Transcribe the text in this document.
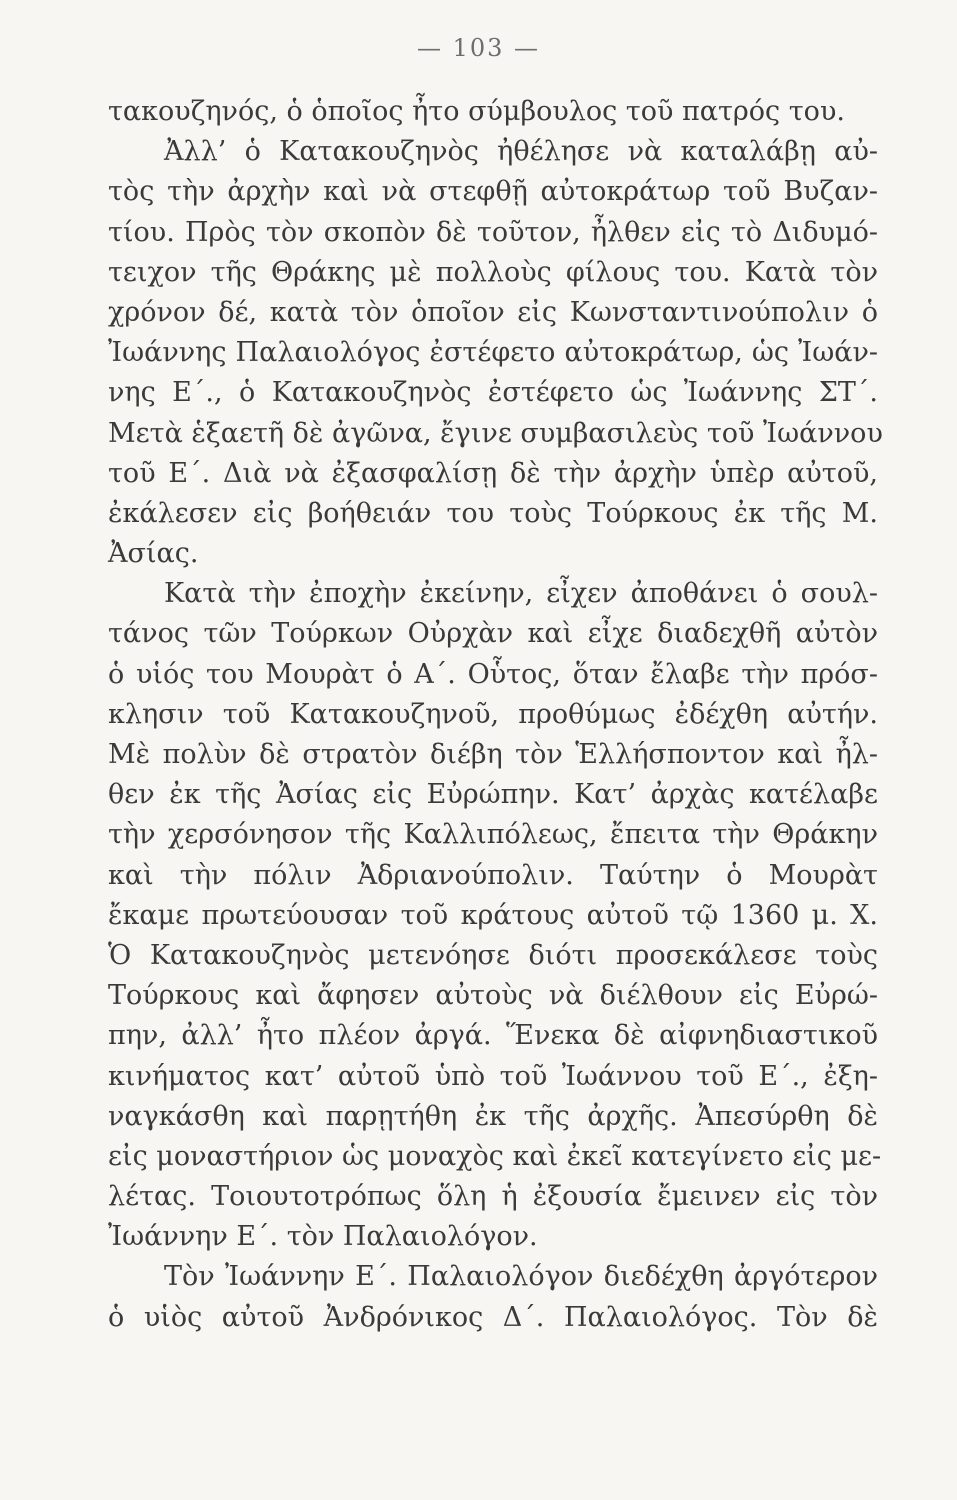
— 103 —
τακουζηνός, ὁ ὁποῖος ἦτο σύμβουλος τοῦ πατρός του.
Ἀλλ’ ὁ Κατακουζηνὸς ἠθέλησε νὰ καταλάβῃ αὐ-
τὸς τὴν ἀρχὴν καὶ νὰ στεφθῇ αὐτοκράτωρ τοῦ Βυζαν-
τίου. Πρὸς τὸν σκοπὸν δὲ τοῦτον, ἦλθεν εἰς τὸ Διδυμό-
τειχον τῆς Θράκης μὲ πολλοὺς φίλους του. Κατὰ τὸν
χρόνον δέ, κατὰ τὸν ὁποῖον εἰς Κωνσταντινούπολιν ὁ
Ἰωάννης Παλαιολόγος ἐστέφετο αὐτοκράτωρ, ὡς Ἰωάν-
νης Ε΄., ὁ Κατακουζηνὸς ἐστέφετο ὡς Ἰωάννης ΣΤ΄.
Μετὰ ἑξαετῆ δὲ ἀγῶνα, ἔγινε συμβασιλεὺς τοῦ Ἰωάννου
τοῦ Ε΄. Διὰ νὰ ἐξασφαλίσῃ δὲ τὴν ἀρχὴν ὑπὲρ αὐτοῦ,
ἐκάλεσεν εἰς βοήθειάν του τοὺς Τούρκους ἐκ τῆς Μ.
Ἀσίας.
Κατὰ τὴν ἐποχὴν ἐκείνην, εἶχεν ἀποθάνει ὁ σουλ-
τάνος τῶν Τούρκων Οὐρχὰν καὶ εἶχε διαδεχθῆ αὐτὸν
ὁ υἱός του Μουρὰτ ὁ Α΄. Οὗτος, ὅταν ἔλαβε τὴν πρόσ-
κλησιν τοῦ Κατακουζηνοῦ, προθύμως ἐδέχθη αὐτήν.
Μὲ πολὺν δὲ στρατὸν διέβη τὸν Ἑλλήσποντον καὶ ἦλ-
θεν ἐκ τῆς Ἀσίας εἰς Εὐρώπην. Κατ’ ἀρχὰς κατέλαβε
τὴν χερσόνησον τῆς Καλλιπόλεως, ἔπειτα τὴν Θράκην
καὶ τὴν πόλιν Ἀδριανούπολιν. Ταύτην ὁ Μουρὰτ
ἔκαμε πρωτεύουσαν τοῦ κράτους αὐτοῦ τῷ 1360 μ. Χ.
Ὁ Κατακουζηνὸς μετενόησε διότι προσεκάλεσε τοὺς
Τούρκους καὶ ἄφησεν αὐτοὺς νὰ διέλθουν εἰς Εὐρώ-
πην, ἀλλ’ ἦτο πλέον ἀργά. Ἕνεκα δὲ αἰφνηδιαστικοῦ
κινήματος κατ’ αὐτοῦ ὑπὸ τοῦ Ἰωάννου τοῦ Ε΄., ἐξη-
ναγκάσθη καὶ παρῃτήθη ἐκ τῆς ἀρχῆς. Ἀπεσύρθη δὲ
εἰς μοναστήριον ὡς μοναχὸς καὶ ἐκεῖ κατεγίνετο εἰς με-
λέτας. Τοιουτοτρόπως ὅλη ἡ ἐξουσία ἔμεινεν εἰς τὸν
Ἰωάννην Ε΄. τὸν Παλαιολόγον.
Τὸν Ἰωάννην Ε΄. Παλαιολόγον διεδέχθη ἀργότερον
ὁ υἱὸς αὐτοῦ Ἀνδρόνικος Δ΄. Παλαιολόγος. Τὸν δὲ
